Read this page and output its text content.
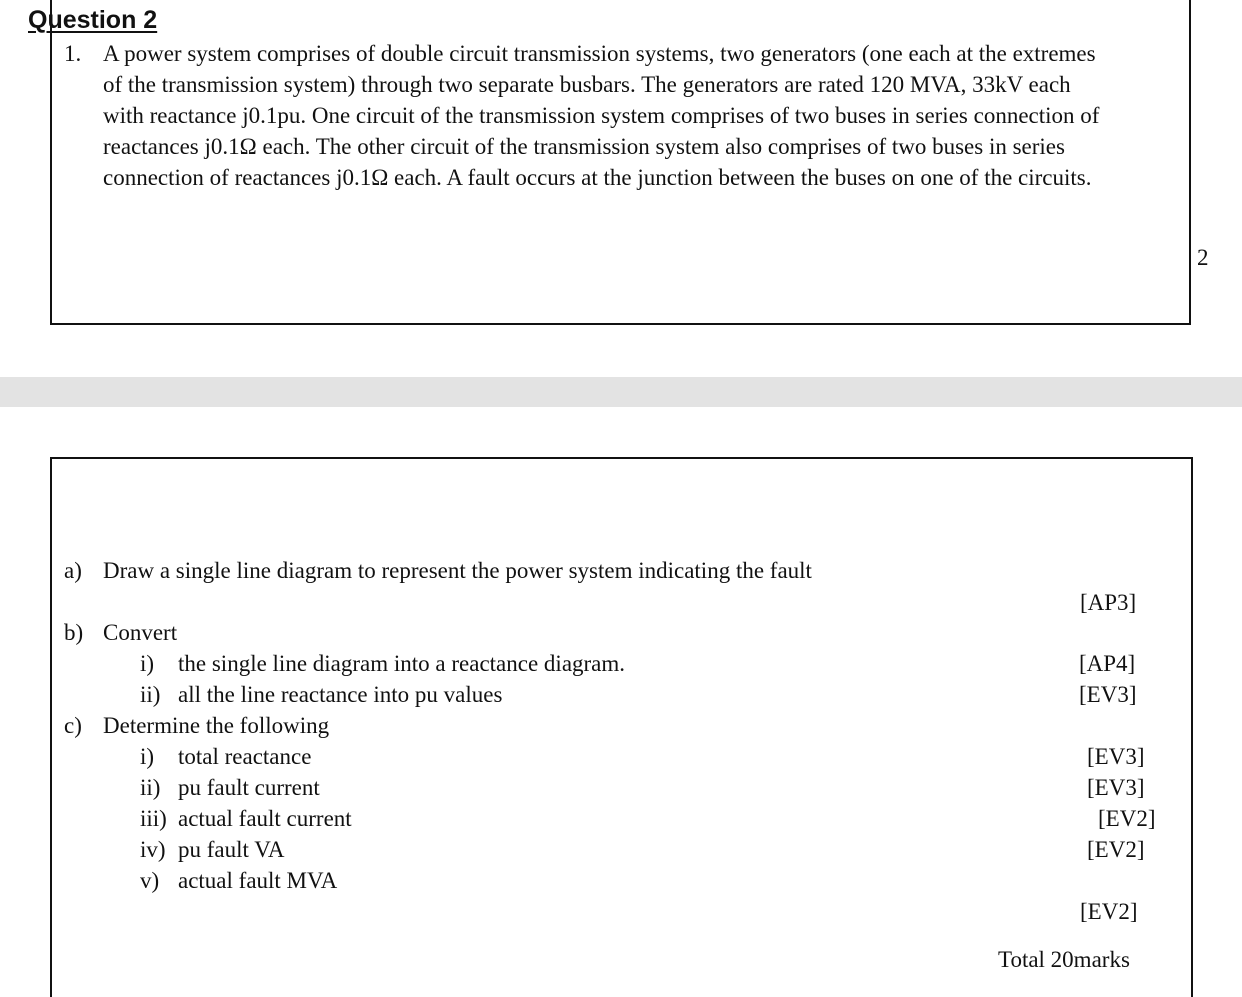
Question 2
1. A power system comprises of double circuit transmission systems, two generators (one each at the extremes
of the transmission system) through two separate busbars. The generators are rated 120 MVA, 33kV each
with reactance j0.1pu. One circuit of the transmission system comprises of two buses in series connection of
reactances j0.1Ω each. The other circuit of the transmission system also comprises of two buses in series
connection of reactances j0.1Ω each. A fault occurs at the junction between the buses on one of the circuits.
2
a) Draw a single line diagram to represent the power system indicating the fault
[AP3]
b) Convert
i) the single line diagram into a reactance diagram.	[AP4]
ii) all the line reactance into pu values	[EV3]
c) Determine the following
i) total reactance	[EV3]
ii) pu fault current	[EV3]
iii) actual fault current	[EV2]
iv) pu fault VA	[EV2]
v) actual fault MVA
[EV2]
Total 20marks
